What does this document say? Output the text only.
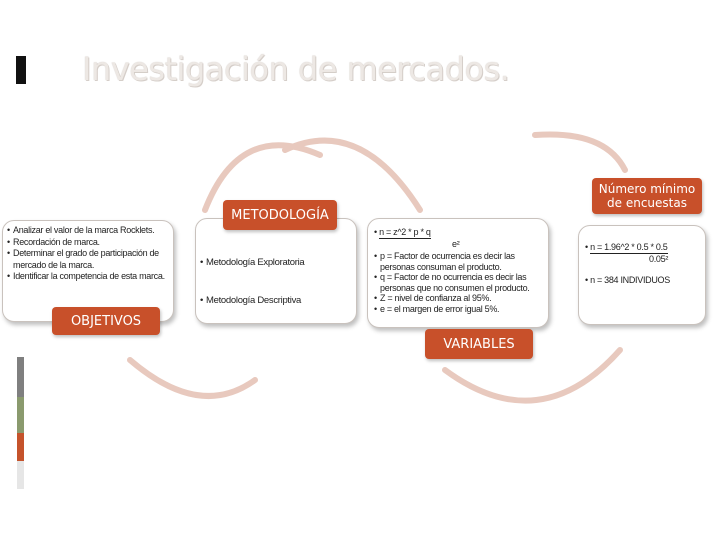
Investigación de mercados.
• Analizar el valor de la marca Rocklets.
• Recordación de marca.
• Determinar el grado de participación de mercado de la marca.
• Identificar la competencia de esta marca.
OBJETIVOS
• Metodología Exploratoria
• Metodología Descriptiva
METODOLOGÍA
• n = z^2 * p * q
e²
• p = Factor de ocurrencia es decir las personas consuman el producto.
• q = Factor de no ocurrencia es decir las personas que no consumen el producto.
• Z = nivel de confianza al 95%.
• e = el margen de error igual 5%.
VARIABLES
• n = 1.96^2 * 0.5 * 0.5
0.05²
• n = 384 INDIVIDUOS
Número mínimo de encuestas
